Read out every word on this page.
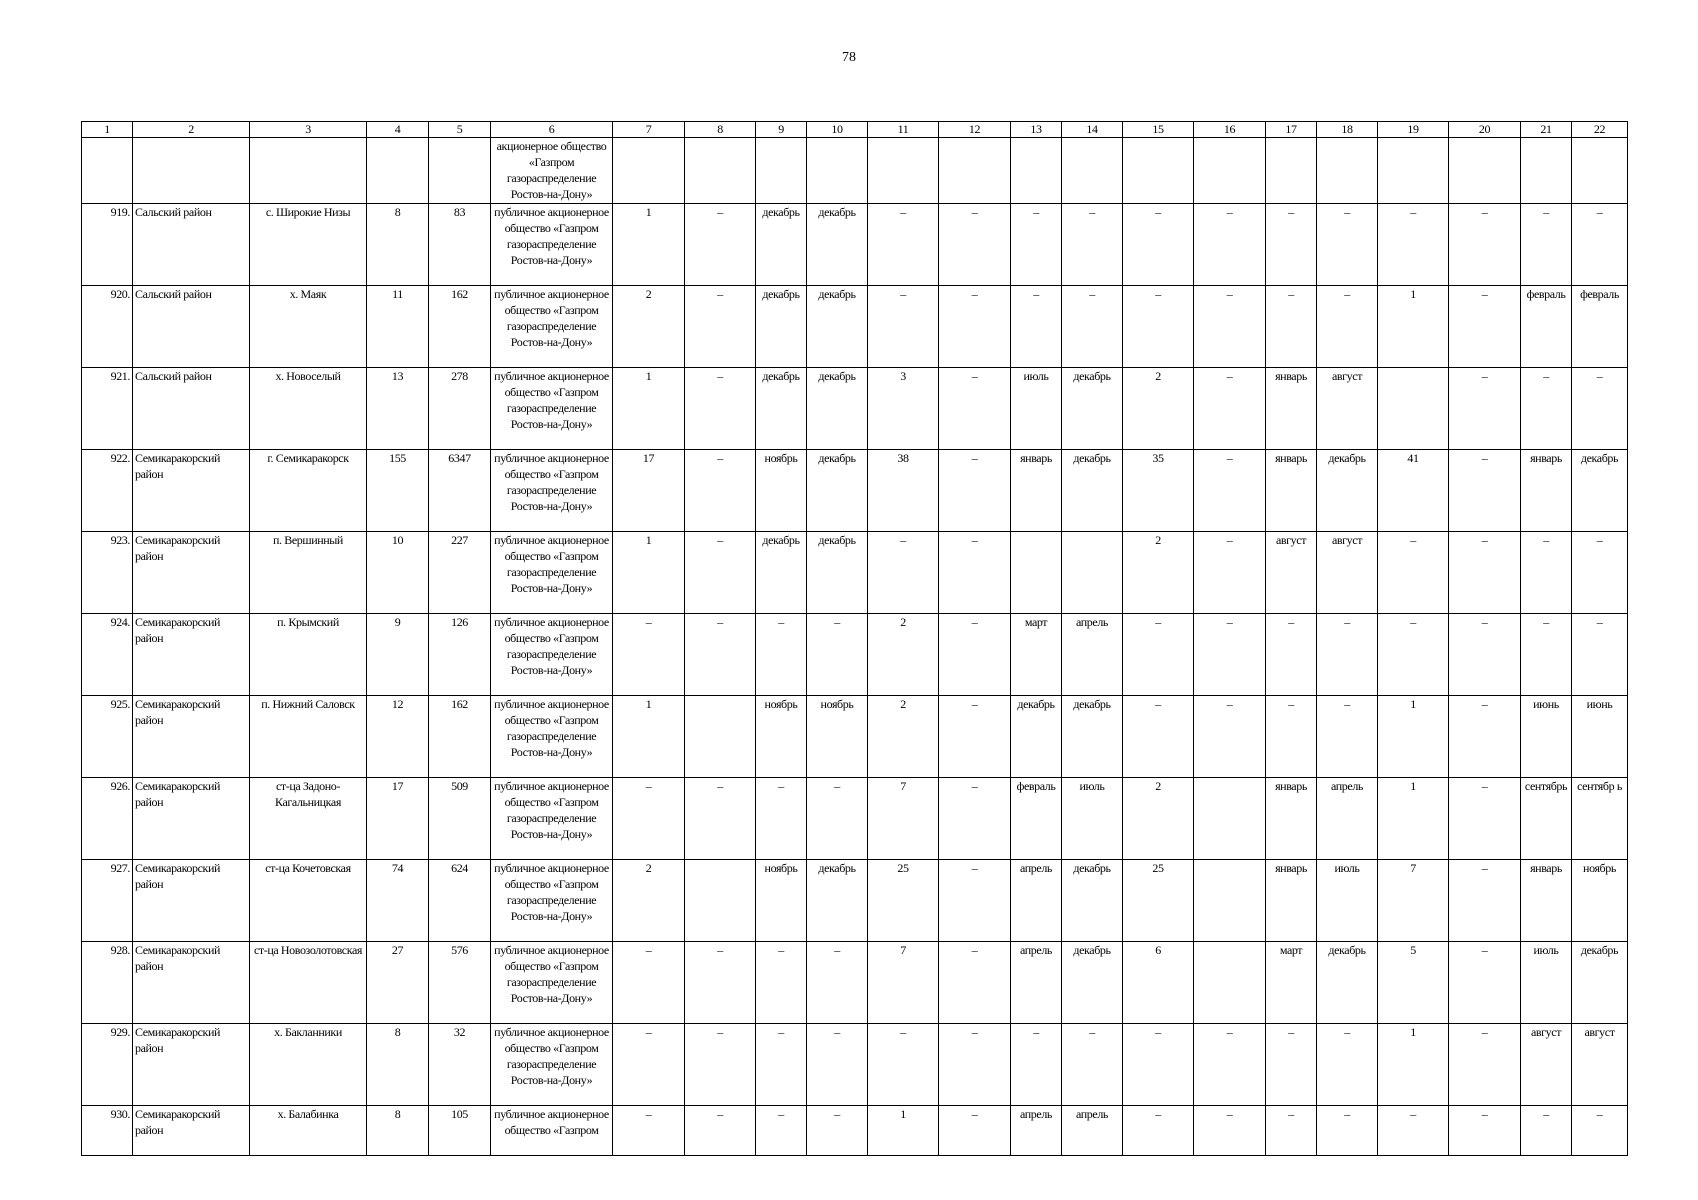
78
1	2	3	4	5	6	7	8	9	10	11	12	13	14	15	16	17	18	19	20	21	22
					акционерное общество «Газпром газораспределение Ростов-на-Дону»																
919.	Сальский район	с. Широкие Низы	8	83	публичное акционерное общество «Газпром газораспределение Ростов-на-Дону»	1	–	декабрь	декабрь	–	–	–	–	–	–	–	–	–	–	–	–
920.	Сальский район	х. Маяк	11	162	публичное акционерное общество «Газпром газораспределение Ростов-на-Дону»	2	–	декабрь	декабрь	–	–	–	–	–	–	–	–	1	–	февраль	февраль
921.	Сальский район	х. Новоселый	13	278	публичное акционерное общество «Газпром газораспределение Ростов-на-Дону»	1	–	декабрь	декабрь	3	–	июль	декабрь	2	–	январь	август		–	–	–
922.	Семикаракорский район	г. Семикаракорск	155	6347	публичное акционерное общество «Газпром газораспределение Ростов-на-Дону»	17	–	ноябрь	декабрь	38	–	январь	декабрь	35	–	январь	декабрь	41	–	январь	декабрь
923.	Семикаракорский район	п. Вершинный	10	227	публичное акционерное общество «Газпром газораспределение Ростов-на-Дону»	1	–	декабрь	декабрь	–	–			2	–	август	август	–	–	–	–
924.	Семикаракорский район	п. Крымский	9	126	публичное акционерное общество «Газпром газораспределение Ростов-на-Дону»	–	–	–	–	2	–	март	апрель	–	–	–	–	–	–	–	–
925.	Семикаракорский район	п. Нижний Саловск	12	162	публичное акционерное общество «Газпром газораспределение Ростов-на-Дону»	1		ноябрь	ноябрь	2	–	декабрь	декабрь	–	–	–	–	1	–	июнь	июнь
926.	Семикаракорский район	ст-ца Задоно-Кагальницкая	17	509	публичное акционерное общество «Газпром газораспределение Ростов-на-Дону»	–	–	–	–	7	–	февраль	июль	2		январь	апрель	1	–	сентябрь	сентябр ь
927.	Семикаракорский район	ст-ца Кочетовская	74	624	публичное акционерное общество «Газпром газораспределение Ростов-на-Дону»	2		ноябрь	декабрь	25	–	апрель	декабрь	25		январь	июль	7	–	январь	ноябрь
928.	Семикаракорский район	ст-ца Новозолотовская	27	576	публичное акционерное общество «Газпром газораспределение Ростов-на-Дону»	–	–	–	–	7	–	апрель	декабрь	6		март	декабрь	5	–	июль	декабрь
929.	Семикаракорский район	х. Бакланники	8	32	публичное акционерное общество «Газпром газораспределение Ростов-на-Дону»	–	–	–	–	–	–	–	–	–	–	–	–	1	–	август	август
930.	Семикаракорский район	х. Балабинка	8	105	публичное акционерное общество «Газпром	–	–	–	–	1	–	апрель	апрель	–	–	–	–	–	–	–	–
